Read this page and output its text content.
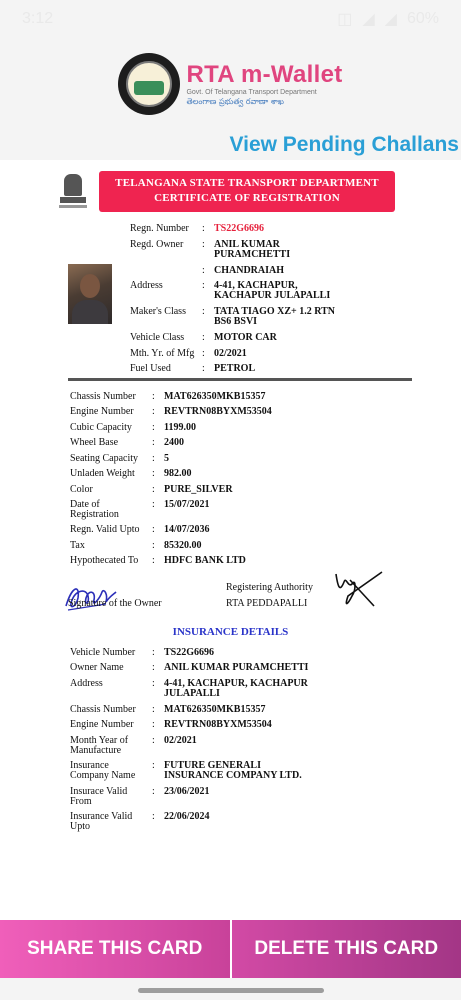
3:12	◫ ◢ ◢ 60%
RTA m-Wallet
Govt. Of Telangana Transport Department
తెలంగాణ ప్రభుత్వ రవాణా శాఖ
View Pending Challans
TELANGANA STATE TRANSPORT DEPARTMENT
CERTIFICATE OF REGISTRATION
Regn. Number	: TS22G6696
Regd. Owner	: ANIL KUMAR
PURAMCHETTI
: CHANDRAIAH
Address	: 4-41, KACHAPUR,
KACHAPUR JULAPALLI
Maker's Class	: TATA TIAGO XZ+ 1.2 RTN
BS6 BSVI
Vehicle Class	: MOTOR CAR
Mth. Yr. of Mfg : 02/2021
Fuel Used	: PETROL
Chassis Number	: MAT626350MKB15357
Engine Number	: REVTRN08BYXM53504
Cubic Capacity	: 1199.00
Wheel Base	: 2400
Seating Capacity	: 5
Unladen Weight	: 982.00
Color	: PURE_SILVER
Date of
Registration
: 15/07/2021
Regn. Valid Upto	: 14/07/2036
Tax	: 85320.00
Hypothecated To	: HDFC BANK LTD
Signature of the Owner
Registering Authority
RTA PEDDAPALLI
INSURANCE DETAILS
Vehicle Number	: TS22G6696
Owner Name	: ANIL KUMAR PURAMCHETTI
Address	: 4-41, KACHAPUR, KACHAPUR
JULAPALLI
Chassis Number	: MAT626350MKB15357
Engine Number	: REVTRN08BYXM53504
Month Year of
Manufacture
: 02/2021
Insurance
Company Name
: FUTURE GENERALI
INSURANCE COMPANY LTD.
Insurace Valid
From
: 23/06/2021
Insurance Valid
Upto
: 22/06/2024
SHARE THIS CARD	DELETE THIS CARD
